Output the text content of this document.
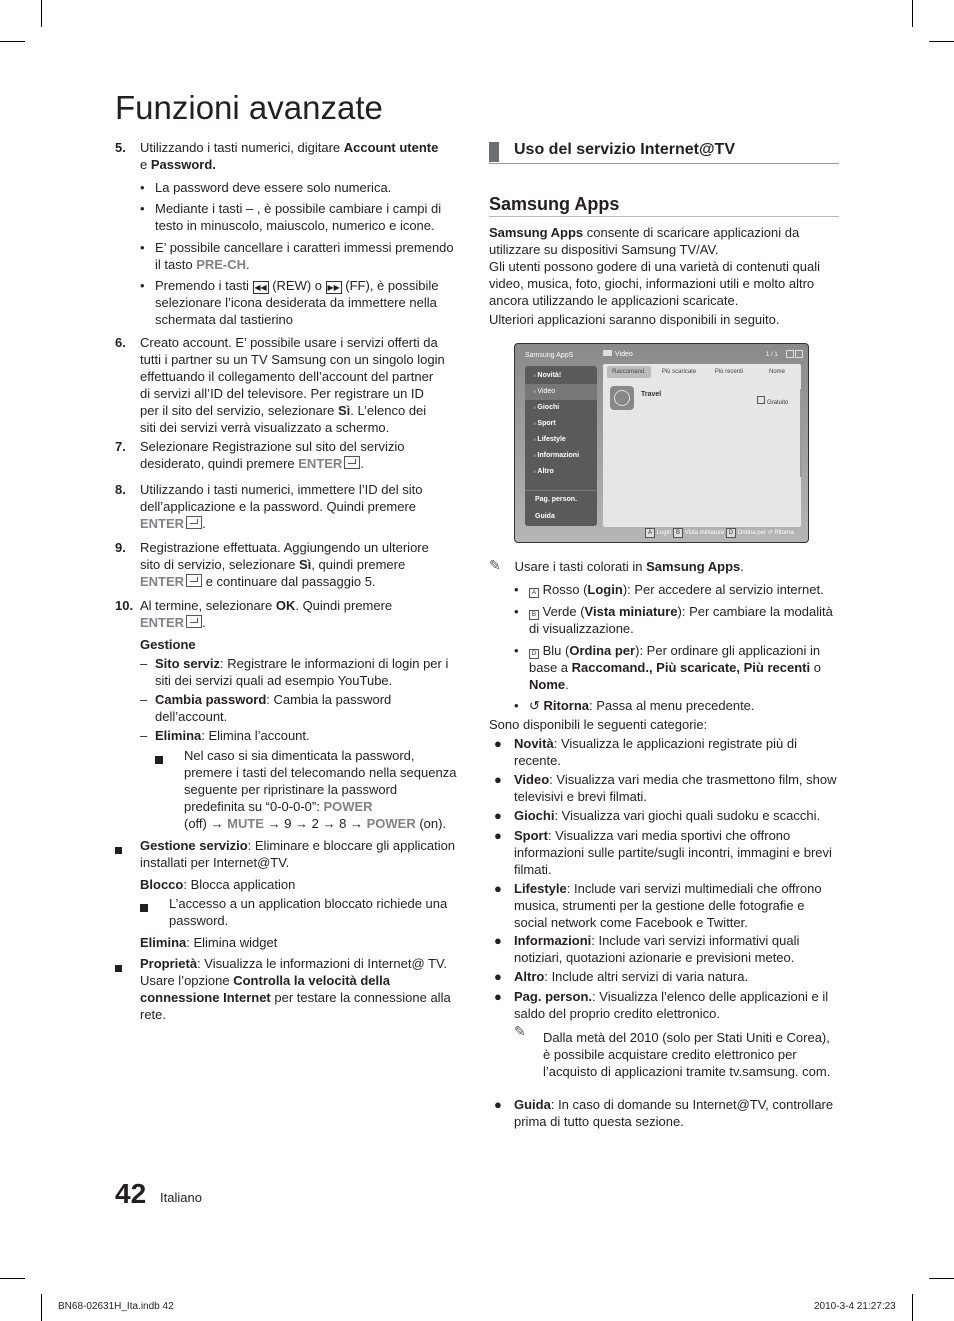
Funzioni avanzate
5. Utilizzando i tasti numerici, digitare Account utente e Password.
• La password deve essere solo numerica.
• Mediante i tasti – , è possibile cambiare i campi di testo in minuscolo, maiuscolo, numerico e icone.
• E’ possibile cancellare i caratteri immessi premendo il tasto PRE-CH.
• Premendo i tasti ◀◀ (REW) o ▶▶ (FF), è possibile selezionare l’icona desiderata da immettere nella schermata dal tastierino
6. Creato account. E’ possibile usare i servizi offerti da tutti i partner su un TV Samsung con un singolo login effettuando il collegamento dell’account del partner di servizi all’ID del televisore. Per registrare un ID per il sito del servizio, selezionare Sì. L’elenco dei siti dei servizi verrà visualizzato a schermo.
7. Selezionare Registrazione sul sito del servizio desiderato, quindi premere ENTER .
8. Utilizzando i tasti numerici, immettere l’ID del sito dell’applicazione e la password. Quindi premere ENTER .
9. Registrazione effettuata. Aggiungendo un ulteriore sito di servizio, selezionare Sì, quindi premere ENTER e continuare dal passaggio 5.
10. Al termine, selezionare OK. Quindi premere
ENTER .
Gestione
– Sito serviz: Registrare le informazioni di login per i siti dei servizi quali ad esempio YouTube.
– Cambia password: Cambia la password dell’account.
– Elimina: Elimina l’account.
Nel caso si sia dimenticata la password, premere i tasti del telecomando nella sequenza seguente per ripristinare la password predefinita su “0-0-0-0”: POWER
(off) → MUTE → 9 → 2 → 8 → POWER (on).
Gestione servizio: Eliminare e bloccare gli application installati per Internet@TV.
Blocco: Blocca application
L’accesso a un application bloccato richiede una password.
Elimina: Elimina widget
Proprietà: Visualizza le informazioni di Internet@ TV. Usare l’opzione Controlla la velocità della connessione Internet per testare la connessione alla rete.
Uso del servizio Internet@TV
Samsung Apps
Samsung Apps consente di scaricare applicazioni da utilizzare su dispositivi Samsung TV/AV.
Gli utenti possono godere di una varietà di contenuti quali video, musica, foto, giochi, informazioni utili e molto altro ancora utilizzando le applicazioni scaricate.
Ulteriori applicazioni saranno disponibili in seguito.
Samsung AppS	Video	1 / 1
○ Novità!
○ Video
○ Giochi
○ Sport
○ Lifestyle
○ Informazioni
○ Altro
Pag. person.
Guida
Raccomand.	Più scaricate	Più recenti	Nome
Travel
Gratuito
A Login B Vista miniature D Ordina per ↺ Ritorna
✎ Usare i tasti colorati in Samsung Apps.
•	A Rosso (Login): Per accedere al servizio internet.
•	B Verde (Vista miniature): Per cambiare la modalità di visualizzazione.
•	D Blu (Ordina per): Per ordinare gli applicazioni in base a Raccomand., Più scaricate, Più recenti o Nome.
• ↺ Ritorna: Passa al menu precedente.
Sono disponibili le seguenti categorie:
● Novità: Visualizza le applicazioni registrate più di recente.
● Video: Visualizza vari media che trasmettono film, show televisivi e brevi filmati.
● Giochi: Visualizza vari giochi quali sudoku e scacchi.
● Sport: Visualizza vari media sportivi che offrono informazioni sulle partite/sugli incontri, immagini e brevi filmati.
● Lifestyle: Include vari servizi multimediali che offrono musica, strumenti per la gestione delle fotografie e social network come Facebook e Twitter.
● Informazioni: Include vari servizi informativi quali notiziari, quotazioni azionarie e previsioni meteo.
● Altro: Include altri servizi di varia natura.
● Pag. person.: Visualizza l’elenco delle applicazioni e il saldo del proprio credito elettronico.
✎
Dalla metà del 2010 (solo per Stati Uniti e Corea), è possibile acquistare credito elettronico per l’acquisto di applicazioni tramite tv.samsung. com.
● Guida: In caso di domande su Internet@TV, controllare prima di tutto questa sezione.
42 Italiano
BN68-02631H_Ita.indb 42	2010-3-4 21:27:23
